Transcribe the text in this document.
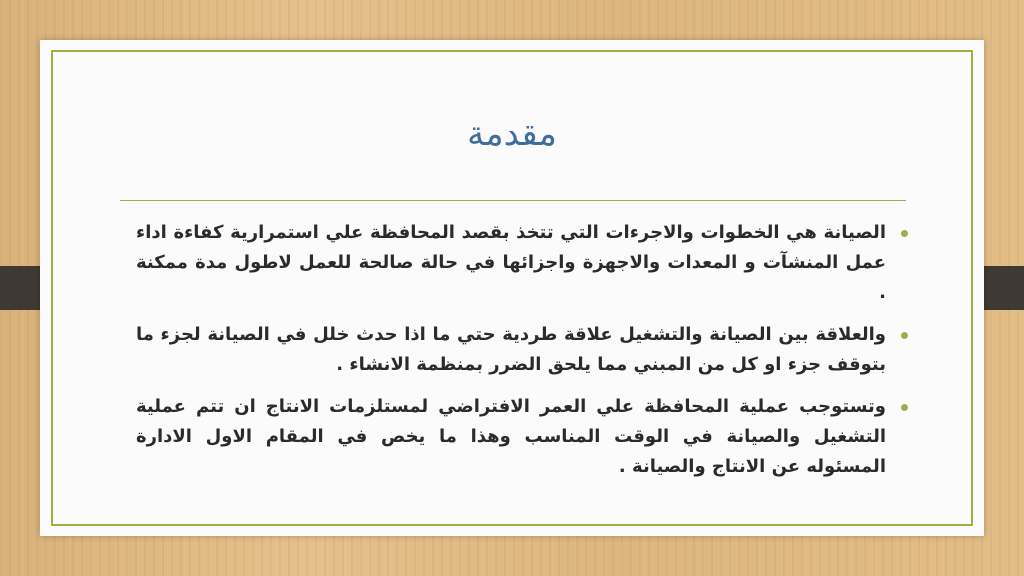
مقدمة
الصيانة هي الخطوات والاجرءات التي تتخذ بقصد المحافظة علي استمرارية كفاءة اداء عمل المنشآت و المعدات والاجهزة واجزائها في حالة صالحة للعمل لاطول مدة ممكنة .
والعلاقة بين الصيانة والتشغيل علاقة طردية حتي ما اذا حدث خلل في الصيانة لجزء ما بتوقف جزء او كل من المبني مما يلحق الضرر بمنظمة الانشاء .
وتستوجب عملية المحافظة علي العمر الافتراضي لمستلزمات الانتاج ان تتم عملية التشغيل والصيانة في الوقت المناسب وهذا ما يخص في المقام الاول الادارة المسئوله عن الانتاج والصيانة .
